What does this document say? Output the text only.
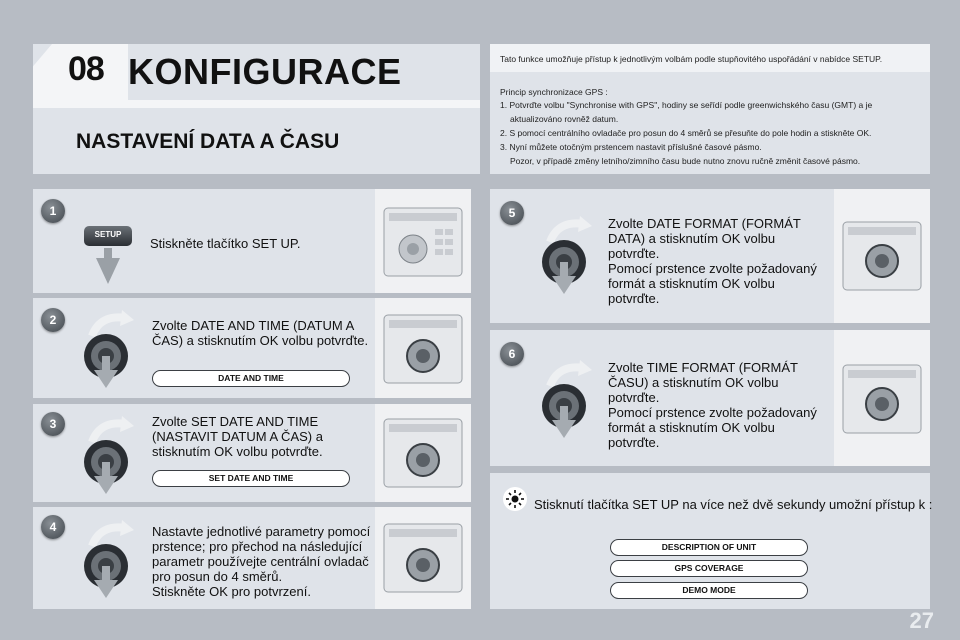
08 KONFIGURACE
NASTAVENÍ DATA A ČASU
Tato funkce umožňuje přístup k jednotlivým volbám podle stupňovitého uspořádání v nabídce SETUP.
Princip synchronizace GPS :
1. Potvrďte volbu "Synchronise with GPS", hodiny se seřídí podle greenwichského času (GMT) a je
aktualizováno rovněž datum.
2. S pomocí centrálního ovladače pro posun do 4 směrů se přesuňte do pole hodin a stiskněte OK.
3. Nyní můžete otočným prstencem nastavit příslušné časové pásmo.
Pozor, v případě změny letního/zimního času bude nutno znovu ručně změnit časové pásmo.
1
SETUP
Stiskněte tlačítko SET UP.
2	Zvolte DATE AND TIME (DATUM A
ČAS) a stisknutím OK volbu potvrďte.
DATE AND TIME
3	Zvolte SET DATE AND TIME
(NASTAVIT DATUM A ČAS) a
stisknutím OK volbu potvrďte.
SET DATE AND TIME
4	Nastavte jednotlivé parametry pomocí
prstence; pro přechod na následující
parametr používejte centrální ovladač
pro posun do 4 směrů.
Stiskněte OK pro potvrzení.
5
Zvolte DATE FORMAT (FORMÁT
DATA) a stisknutím OK volbu
potvrďte.
Pomocí prstence zvolte požadovaný
formát a stisknutím OK volbu
potvrďte.
6
Zvolte TIME FORMAT (FORMÁT
ČASU) a stisknutím OK volbu
potvrďte.
Pomocí prstence zvolte požadovaný
formát a stisknutím OK volbu
potvrďte.
Stisknutí tlačítka SET UP na více než dvě sekundy umožní přístup k :
DESCRIPTION OF UNIT
GPS COVERAGE
DEMO MODE
27
